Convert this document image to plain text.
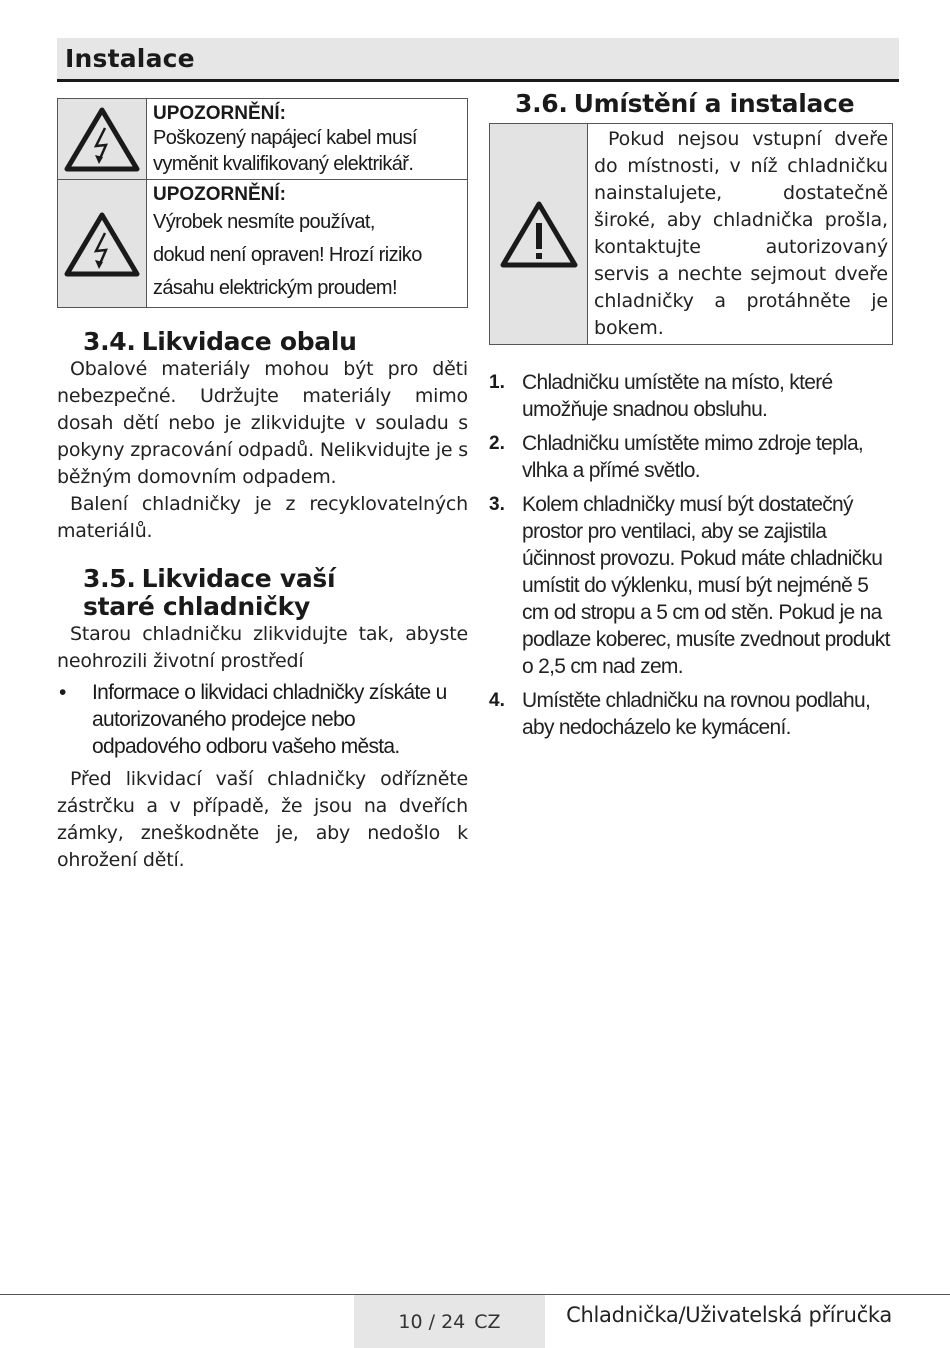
Instalace
UPOZORNĚNÍ:
Poškozený napájecí kabel musí
vyměnit kvalifikovaný elektrikář.
UPOZORNĚNÍ:
Výrobek nesmíte používat,
dokud není opraven! Hrozí riziko
zásahu elektrickým proudem!
3.4. Likvidace obalu

Obalové materiály mohou být pro děti nebezpečné. Udržujte materiály mimo dosah dětí nebo je zlikvidujte v souladu s pokyny zpracování odpadů. Nelikvidujte je s běžným domovním odpadem.

Balení chladničky je z recyklovatelných materiálů.

3.5. Likvidace vaší
staré chladničky

Starou chladničku zlikvidujte tak, abyste neohrozili životní prostředí

•	Informace o likvidaci chladničky získáte u autorizovaného prodejce nebo odpadového odboru vašeho města.

Před likvidací vaší chladničky odřízněte zástrčku a v případě, že jsou na dveřích zámky, zneškodněte je, aby nedošlo k ohrožení dětí.

3.6. Umístění a instalace
Pokud nejsou vstupní dveře do místnosti, v níž chladničku nainstalujete, dostatečně široké, aby chladnička prošla, kontaktujte autorizovaný servis a nechte sejmout dveře chladničky a protáhněte je bokem.
1. Chladničku umístěte na místo, které umožňuje snadnou obsluhu.
2. Chladničku umístěte mimo zdroje tepla, vlhka a přímé světlo.
3. Kolem chladničky musí být dostatečný prostor pro ventilaci, aby se zajistila účinnost provozu. Pokud máte chladničku umístit do výklenku, musí být nejméně 5 cm od stropu a 5 cm od stěn. Pokud je na podlaze koberec, musíte zvednout produkt o 2,5 cm nad zem.
4. Umístěte chladničku na rovnou podlahu, aby nedocházelo ke kymácení.
10 / 24 CZ	Chladnička/Uživatelská příručka
